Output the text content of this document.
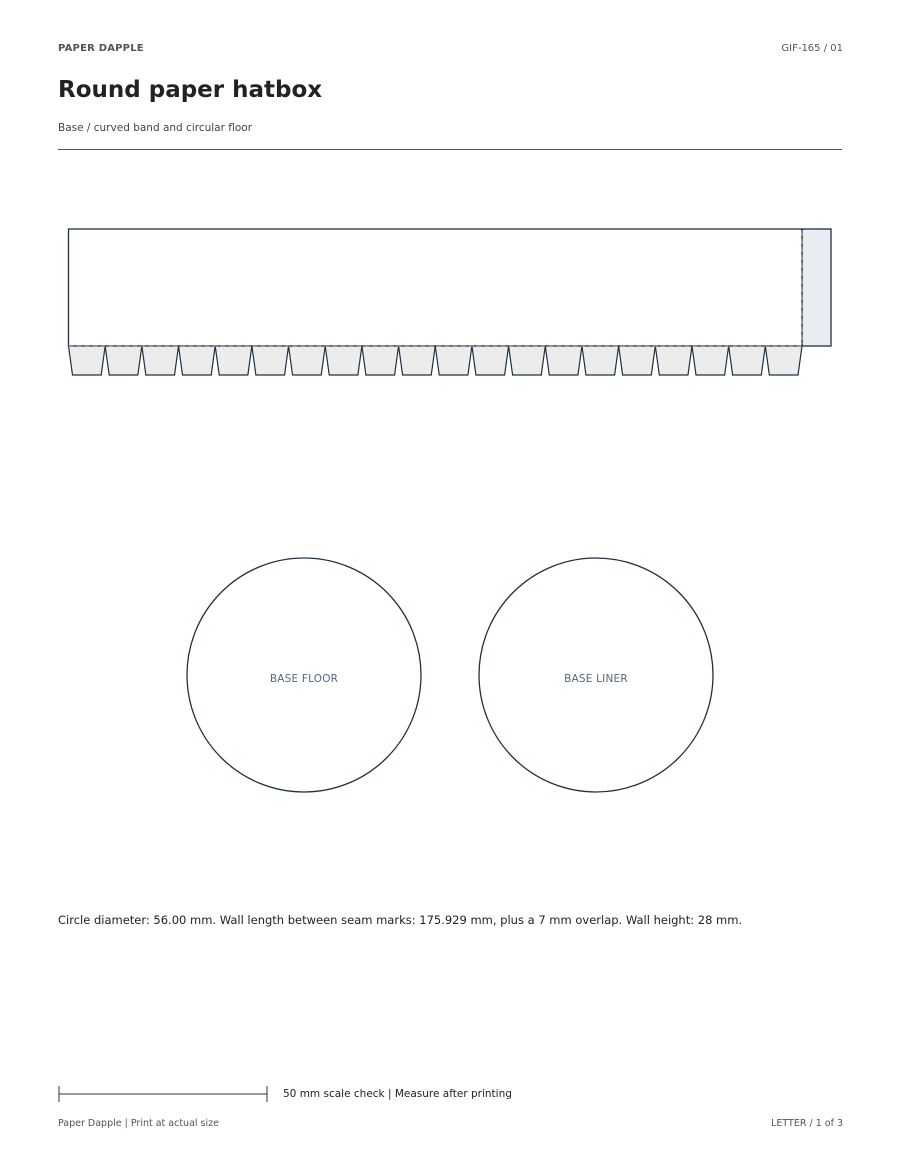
PAPER DAPPLE	GIF-165 / 01
Round paper hatbox
Base / curved band and circular floor
BASE FLOOR	BASE LINER
Circle diameter: 56.00 mm. Wall length between seam marks: 175.929 mm, plus a 7 mm overlap. Wall height: 28 mm.
50 mm scale check | Measure after printing
Paper Dapple | Print at actual size	LETTER / 1 of 3
